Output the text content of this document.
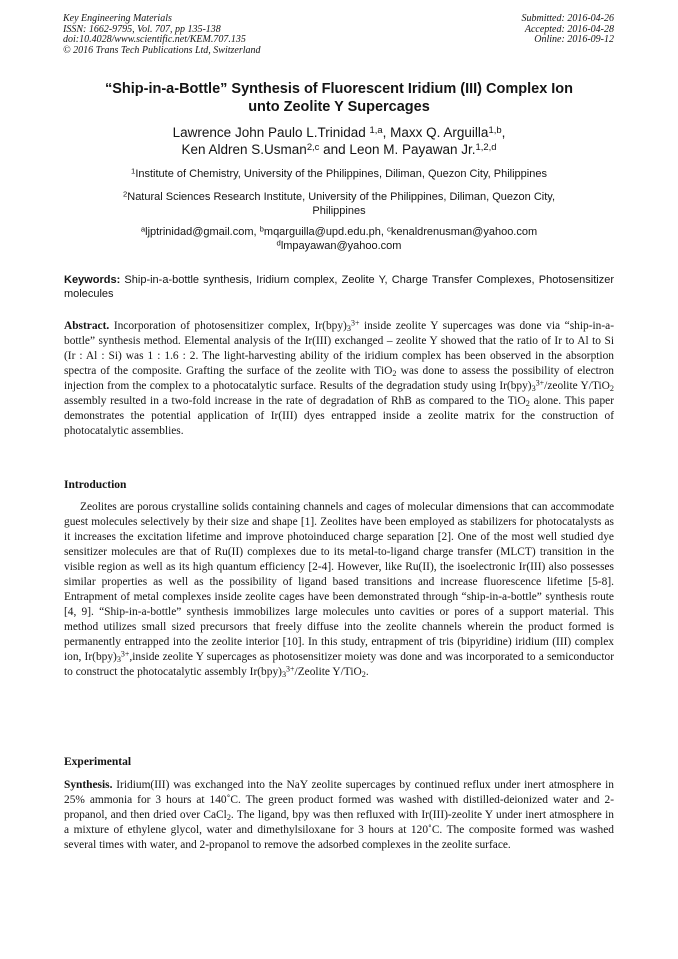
Key Engineering Materials
ISSN: 1662-9795, Vol. 707, pp 135-138
doi:10.4028/www.scientific.net/KEM.707.135
© 2016 Trans Tech Publications Ltd, Switzerland
Submitted: 2016-04-26
Accepted: 2016-04-28
Online: 2016-09-12
“Ship-in-a-Bottle” Synthesis of Fluorescent Iridium (III) Complex Ion
unto Zeolite Y Supercages
Lawrence John Paulo L.Trinidad $^{1,a}$, Maxx Q. Arguilla$^{1,b}$,
Ken Aldren S.Usman$^{2,c}$ and Leon M. Payawan Jr.$^{1,2,d}$
$^1$Institute of Chemistry, University of the Philippines, Diliman, Quezon City, Philippines
$^2$Natural Sciences Research Institute, University of the Philippines, Diliman, Quezon City,
Philippines
$^a$ljptrinidad@gmail.com, $^b$mqarguilla@upd.edu.ph, $^c$kenaldrenusman@yahoo.com
$^d$lmpayawan@yahoo.com
Keywords: Ship-in-a-bottle synthesis, Iridium complex, Zeolite Y, Charge Transfer Complexes, Photosensitizer molecules

Abstract. Incorporation of photosensitizer complex, $Ir(bpy)_3^{3+}$ inside zeolite Y supercages was done via “ship-in-a-bottle” synthesis method. Elemental analysis of the Ir(III) exchanged – zeolite Y showed that the ratio of Ir to Al to Si (Ir : Al : Si) was 1 : 1.6 : 2. The light-harvesting ability of the iridium complex has been observed in the absorption spectra of the composite. Grafting the surface of the zeolite with TiO$_2$ was done to assess the possibility of electron injection from the complex to a photocatalytic surface. Results of the degradation study using $Ir(bpy)_3^{3+}$/zeolite Y/TiO$_2$ assembly resulted in a two-fold increase in the rate of degradation of RhB as compared to the TiO$_2$ alone. This paper demonstrates the potential application of Ir(III) dyes entrapped inside a zeolite matrix for the construction of photocatalytic assemblies.

Introduction

Zeolites are porous crystalline solids containing channels and cages of molecular dimensions that can accommodate guest molecules selectively by their size and shape [1]. Zeolites have been employed as stabilizers for photocatalysts as it increases the excitation lifetime and improve photoinduced charge separation [2]. One of the most well studied dye sensitizer molecules are that of Ru(II) complexes due to its metal-to-ligand charge transfer (MLCT) transition in the visible region as well as its high quantum efficiency [2-4]. However, like Ru(II), the isoelectronic Ir(III) also possesses similar properties as well as the possibility of ligand based transitions and increase fluorescence lifetime [5-8]. Entrapment of metal complexes inside zeolite cages have been demonstrated through “ship-in-a-bottle” synthesis route [4, 9]. “Ship-in-a-bottle” synthesis immobilizes large molecules unto cavities or pores of a support material. This method utilizes small sized precursors that freely diffuse into the zeolite channels wherein the product formed is permanently entrapped into the zeolite interior [10]. In this study, entrapment of tris (bipyridine) iridium (III) complex ion, $Ir(bpy)_3^{3+},inside$ zeolite Y supercages as photosensitizer moiety was done and was incorporated to a semiconductor to construct the photocatalytic assembly $Ir(bpy)_3^{3+}$/Zeolite Y/TiO$_2$.

Experimental

Synthesis. Iridium(III) was exchanged into the NaY zeolite supercages by continued reflux under inert atmosphere in 25% ammonia for 3 hours at 140˚C. The green product formed was washed with distilled-deionized water and 2-propanol, and then dried over CaCl$_2$. The ligand, bpy was then refluxed with Ir(III)-zeolite Y under inert atmosphere in a mixture of ethylene glycol, water and dimethylsiloxane for 3 hours at 120˚C. The composite formed was washed several times with water, and 2-propanol to remove the adsorbed complexes in the zeolite surface.
